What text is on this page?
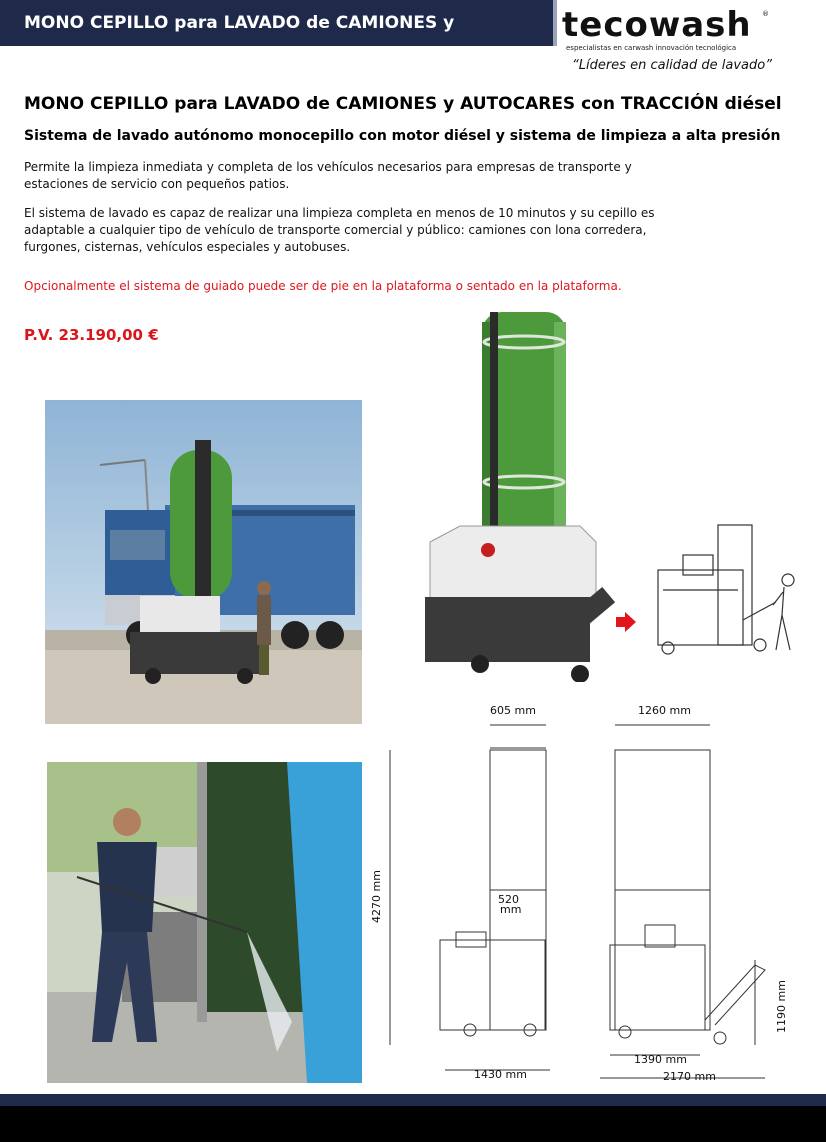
MONO CEPILLO para LAVADO de CAMIONES y AUTOCARES
tecowash	®
especialistas en carwash innovación tecnológica
“Líderes en calidad de lavado”
MONO CEPILLO para LAVADO de CAMIONES y AUTOCARES con TRACCIÓN diésel
Sistema de lavado autónomo monocepillo con motor diésel y sistema de limpieza a alta presión
Permite la limpieza inmediata y completa de los vehículos necesarios para empresas de transporte y estaciones de servicio con pequeños patios.
El sistema de lavado es capaz de realizar una limpieza completa en menos de 10 minutos y su cepillo es adaptable a cualquier tipo de vehículo de transporte comercial y público: camiones con lona corredera, furgones, cisternas, vehículos especiales y autobuses.
Opcionalmente el sistema de guiado puede ser de pie en la plataforma o sentado en la plataforma.
P.V. 23.190,00 €
605 mm	1260 mm
4270 mm	520
mm
1190 mm
1430 mm
1390 mm
2170 mm
